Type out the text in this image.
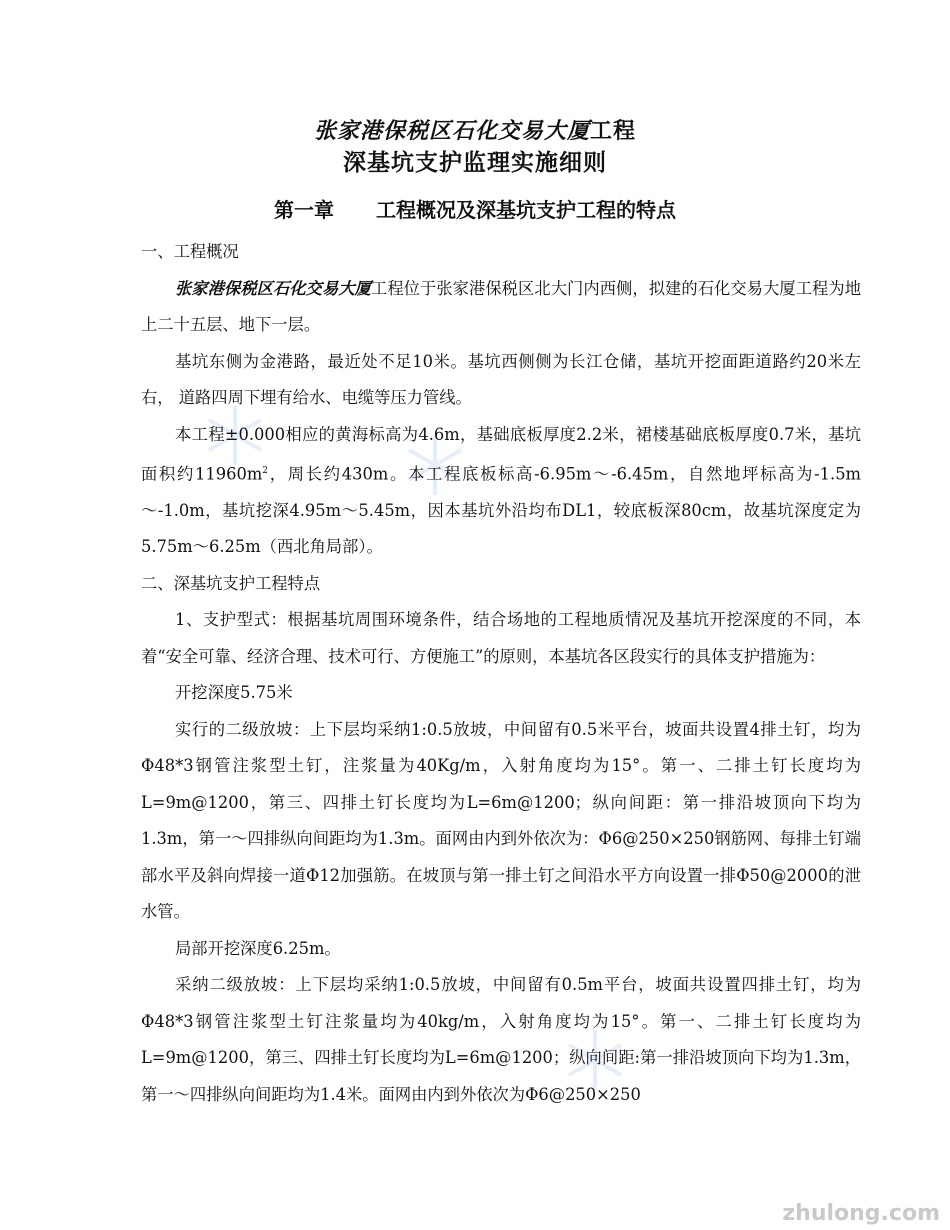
张家港保税区石化交易大厦工程
深基坑支护监理实施细则
第一章 工程概况及深基坑支护工程的特点

一、工程概况

张家港保税区石化交易大厦工程位于张家港保税区北大门内西侧，拟建的石化交易大厦工程为地上二十五层、地下一层。

基坑东侧为金港路，最近处不足10米。基坑西侧侧为长江仓储，基坑开挖面距道路约20米左右， 道路四周下埋有给水、电缆等压力管线。

本工程±0.000相应的黄海标高为4.6m，基础底板厚度2.2米，裙楼基础底板厚度0.7米，基坑面积约$11960m^2$，周长约430m。本工程底板标高-6.95m～-6.45m，自然地坪标高为-1.5m～-1.0m，基坑挖深4.95m～5.45m，因本基坑外沿均布DL1，较底板深80cm，故基坑深度定为5.75m～6.25m（西北角局部）。

二、深基坑支护工程特点

1、支护型式：根据基坑周围环境条件，结合场地的工程地质情况及基坑开挖深度的不同，本着“安全可靠、经济合理、技术可行、方便施工”的原则，本基坑各区段实行的具体支护措施为：

开挖深度5.75米

实行的二级放坡：上下层均采纳1:0.5放坡，中间留有0.5米平台，坡面共设置4排土钉，均为Φ48*3钢管注浆型土钉，注浆量为40Kg/m，入射角度均为15°。第一、二排土钉长度均为L=9m@1200，第三、四排土钉长度均为L=6m@1200；纵向间距：第一排沿坡顶向下均为1.3m，第一～四排纵向间距均为1.3m。面网由内到外依次为：Φ6@250×250钢筋网、每排土钉端部水平及斜向焊接一道Φ12加强筋。在坡顶与第一排土钉之间沿水平方向设置一排Φ50@2000的泄水管。

局部开挖深度6.25m。

采纳二级放坡：上下层均采纳1:0.5放坡，中间留有0.5m平台，坡面共设置四排土钉，均为Φ48*3钢管注浆型土钉注浆量均为40kg/m，入射角度均为15°。第一、二排土钉长度均为L=9m@1200，第三、四排土钉长度均为L=6m@1200；纵向间距:第一排沿坡顶向下均为1.3m，第一～四排纵向间距均为1.4米。面网由内到外依次为Φ6@250×250

zhulong.com
